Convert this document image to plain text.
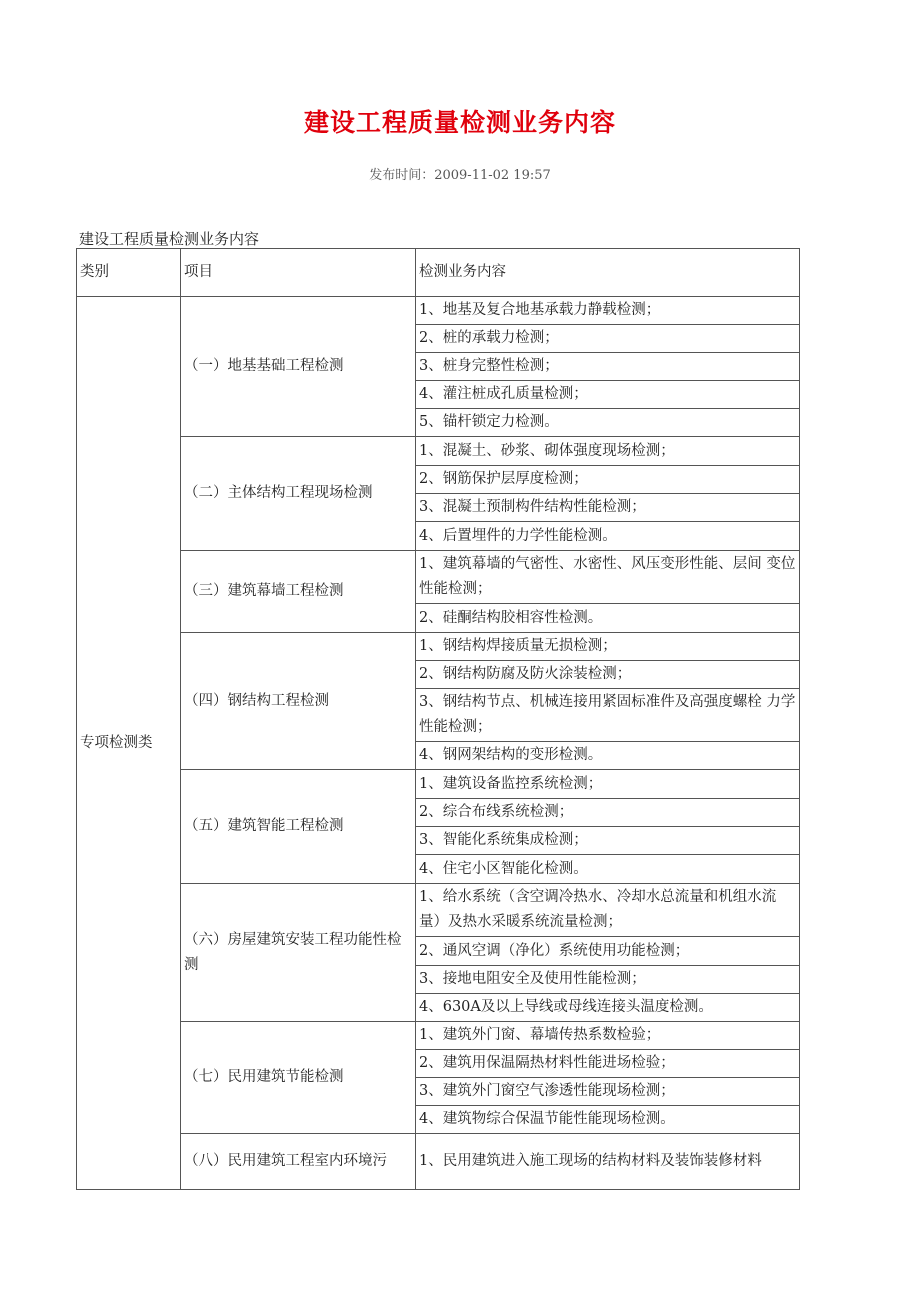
建设工程质量检测业务内容
发布时间：2009-11-02 19:57
建设工程质量检测业务内容
类别	项目	检测业务内容
专项检测类	（一）地基基础工程检测	1、地基及复合地基承载力静载检测；
		2、桩的承载力检测；
		3、桩身完整性检测；
		4、灌注桩成孔质量检测；
		5、锚杆锁定力检测。
	（二）主体结构工程现场检测	1、混凝土、砂浆、砌体强度现场检测；
		2、钢筋保护层厚度检测；
		3、混凝土预制构件结构性能检测；
		4、后置埋件的力学性能检测。
	（三）建筑幕墙工程检测	1、建筑幕墙的气密性、水密性、风压变形性能、层间 变位性能检测；
		2、硅酮结构胶相容性检测。
	（四）钢结构工程检测	1、钢结构焊接质量无损检测；
		2、钢结构防腐及防火涂装检测；
		3、钢结构节点、机械连接用紧固标准件及高强度螺栓 力学性能检测；
		4、钢网架结构的变形检测。
	（五）建筑智能工程检测	1、建筑设备监控系统检测；
		2、综合布线系统检测；
		3、智能化系统集成检测；
		4、住宅小区智能化检测。
	（六）房屋建筑安装工程功能性检 测	1、给水系统（含空调冷热水、冷却水总流量和机组水流 量）及热水采暖系统流量检测；
		2、通风空调（净化）系统使用功能检测；
		3、接地电阻安全及使用性能检测；
		4、630A及以上导线或母线连接头温度检测。
	（七）民用建筑节能检测	1、建筑外门窗、幕墙传热系数检验；
		2、建筑用保温隔热材料性能进场检验；
		3、建筑外门窗空气渗透性能现场检测；
		4、建筑物综合保温节能性能现场检测。
	（八）民用建筑工程室内环境污	1、民用建筑进入施工现场的结构材料及装饰装修材料
